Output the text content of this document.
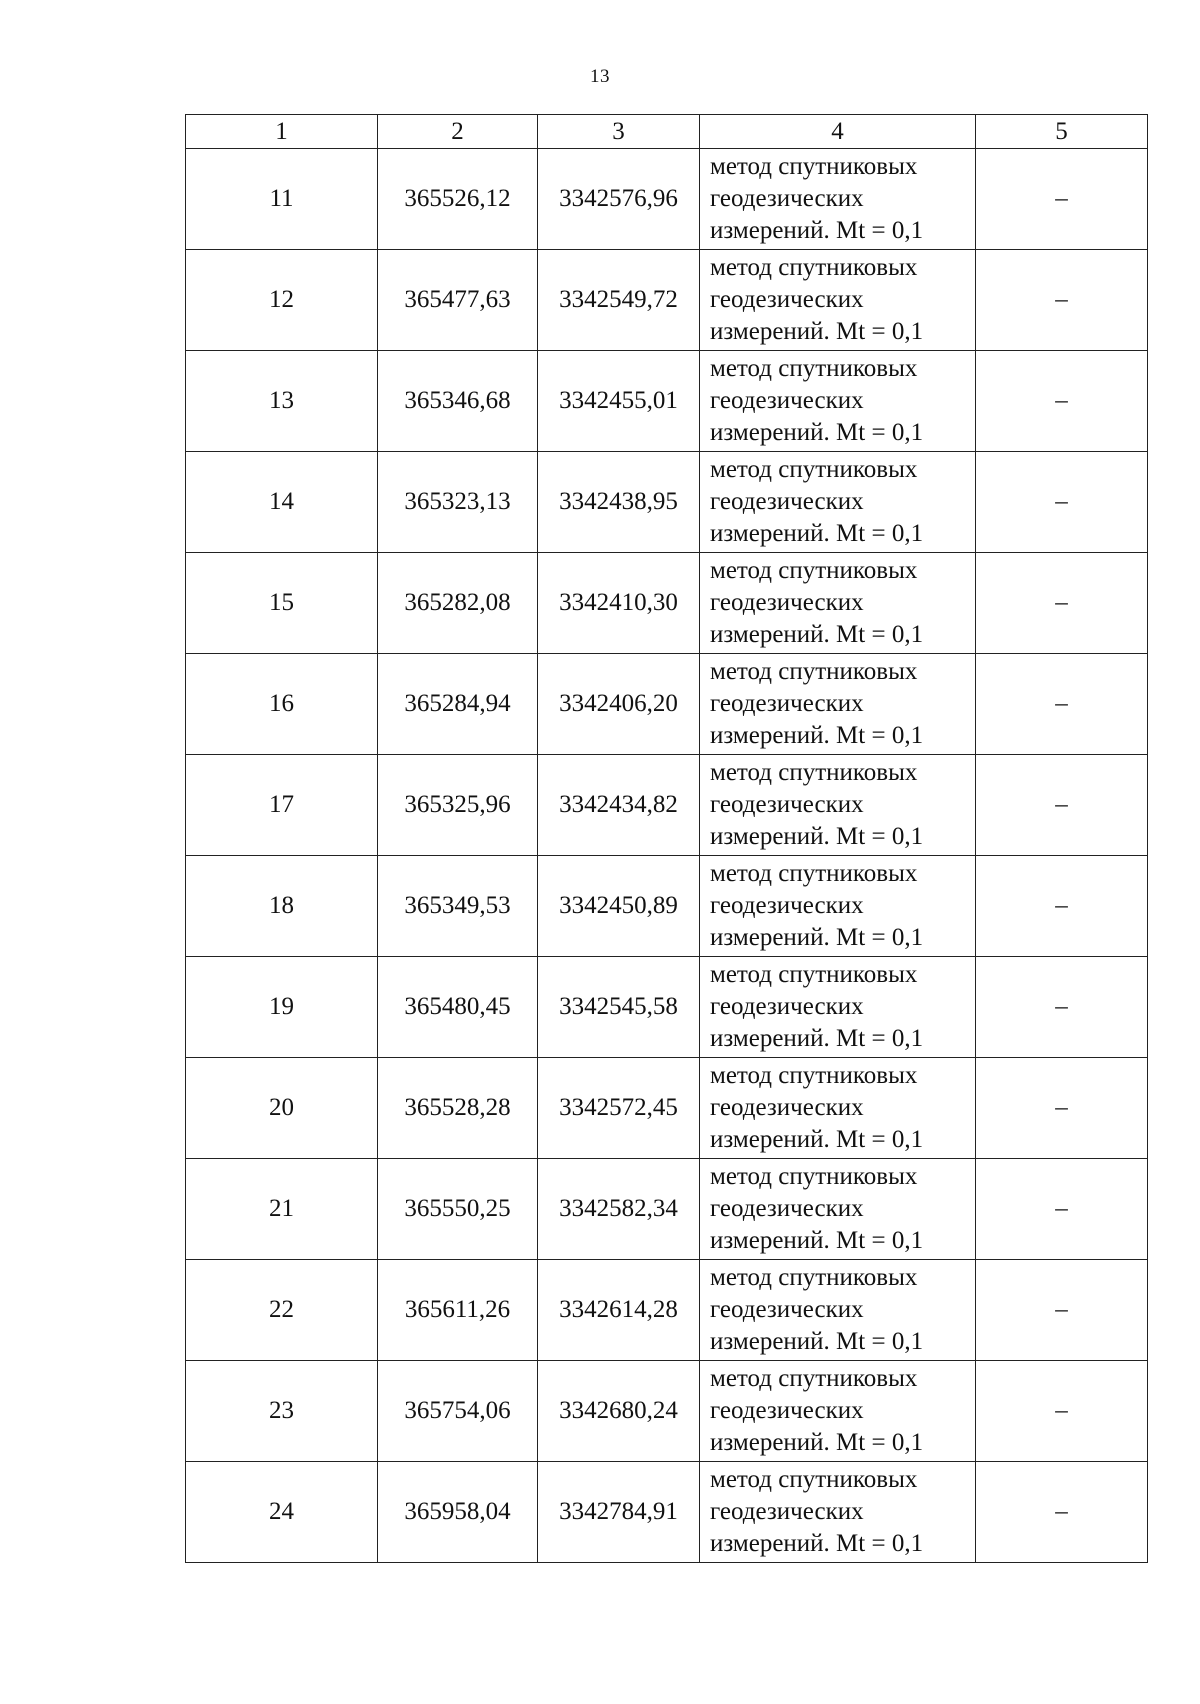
13
1	2	3	4	5
11	365526,12	3342576,96	метод спутниковых
геодезических
измерений. Mt = 0,1	–
12	365477,63	3342549,72	метод спутниковых
геодезических
измерений. Mt = 0,1	–
13	365346,68	3342455,01	метод спутниковых
геодезических
измерений. Mt = 0,1	–
14	365323,13	3342438,95	метод спутниковых
геодезических
измерений. Mt = 0,1	–
15	365282,08	3342410,30	метод спутниковых
геодезических
измерений. Mt = 0,1	–
16	365284,94	3342406,20	метод спутниковых
геодезических
измерений. Mt = 0,1	–
17	365325,96	3342434,82	метод спутниковых
геодезических
измерений. Mt = 0,1	–
18	365349,53	3342450,89	метод спутниковых
геодезических
измерений. Mt = 0,1	–
19	365480,45	3342545,58	метод спутниковых
геодезических
измерений. Mt = 0,1	–
20	365528,28	3342572,45	метод спутниковых
геодезических
измерений. Mt = 0,1	–
21	365550,25	3342582,34	метод спутниковых
геодезических
измерений. Mt = 0,1	–
22	365611,26	3342614,28	метод спутниковых
геодезических
измерений. Mt = 0,1	–
23	365754,06	3342680,24	метод спутниковых
геодезических
измерений. Mt = 0,1	–
24	365958,04	3342784,91	метод спутниковых
геодезических
измерений. Mt = 0,1	–
